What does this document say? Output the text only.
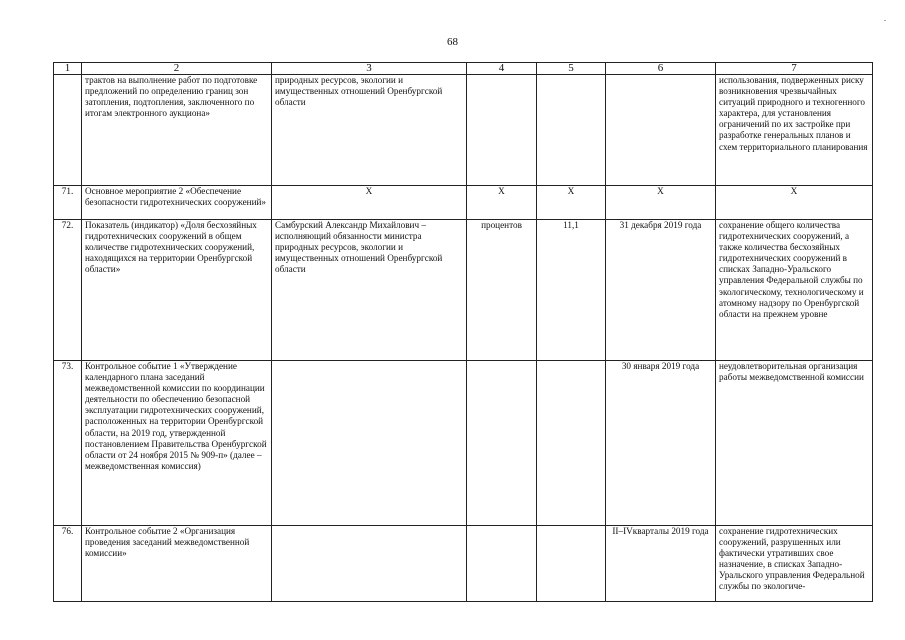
68
.
1	2	3	4	5	6	7
	трактов на выполнение работ по подготовке предложений по определению границ зон затопления, подтопления, заключенного по итогам электронного аукциона»	природных ресурсов, экологии и имущественных отношений Оренбургской области				использования, подверженных риску возникновения чрезвычайных ситуаций природного и техногенного характера, для установления ограничений по их застройке при разработке генеральных планов и схем территориального планирования
71.	Основное мероприятие 2 «Обеспечение безопасности гидротехнических сооружений»	X	X	X	X	X
72.	Показатель (индикатор) «Доля бесхозяйных гидротехнических сооружений в общем количестве гидротехнических сооружений, находящихся на территории Оренбургской области»	Самбурский Александр Михайлович – исполняющий обязанности министра природных ресурсов, экологии и имущественных отношений Оренбургской области	процентов	11,1	31 декабря 2019 года	сохранение общего количества гидротехнических сооружений, а также количества бесхозяйных гидротехнических сооружений в списках Западно-Уральского управления Федеральной службы по экологическому, технологическому и атомному надзору по Оренбургской области на прежнем уровне
73.	Контрольное событие 1 «Утверждение календарного плана заседаний межведомственной комиссии по координации деятельности по обеспечению безопасной эксплуатации гидротехнических сооружений, расположенных на территории Оренбургской области, на 2019 год, утвержденной постановлением Правительства Оренбургской области от 24 ноября 2015 № 909-п» (далее – межведомственная комиссия)				30 января 2019 года	неудовлетворительная организация работы межведомственной комиссии
76.	Контрольное событие 2 «Организация проведения заседаний межведомственной комиссии»				II–IVкварталы 2019 года	сохранение гидротехнических сооружений, разрушенных или фактически утративших свое назначение, в списках Западно-Уральского управления Федеральной службы по экологиче-
